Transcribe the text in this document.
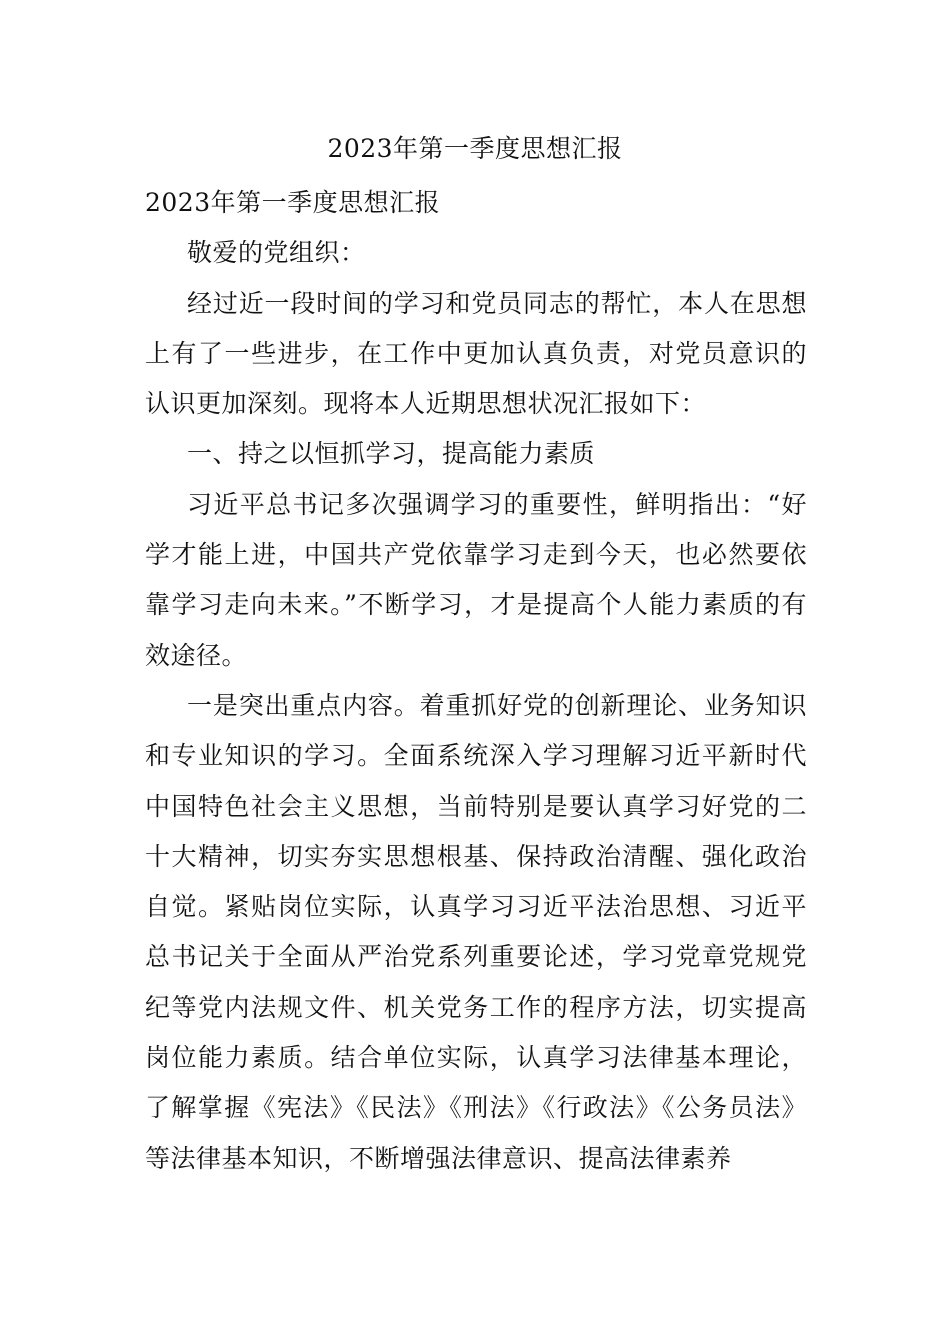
2023年第一季度思想汇报

2023年第一季度思想汇报

敬爱的党组织：

经过近一段时间的学习和党员同志的帮忙，本人在思想上有了一些进步，在工作中更加认真负责，对党员意识的认识更加深刻。现将本人近期思想状况汇报如下：

一、持之以恒抓学习，提高能力素质

习近平总书记多次强调学习的重要性，鲜明指出：“好学才能上进，中国共产党依靠学习走到今天，也必然要依靠学习走向未来。”不断学习，才是提高个人能力素质的有效途径。

一是突出重点内容。着重抓好党的创新理论、业务知识和专业知识的学习。全面系统深入学习理解习近平新时代中国特色社会主义思想，当前特别是要认真学习好党的二十大精神，切实夯实思想根基、保持政治清醒、强化政治自觉。紧贴岗位实际，认真学习习近平法治思想、习近平总书记关于全面从严治党系列重要论述，学习党章党规党纪等党内法规文件、机关党务工作的程序方法，切实提高岗位能力素质。结合单位实际，认真学习法律基本理论，了解掌握《宪法》《民法》《刑法》《行政法》《公务员法》等法律基本知识，不断增强法律意识、提高法律素养
